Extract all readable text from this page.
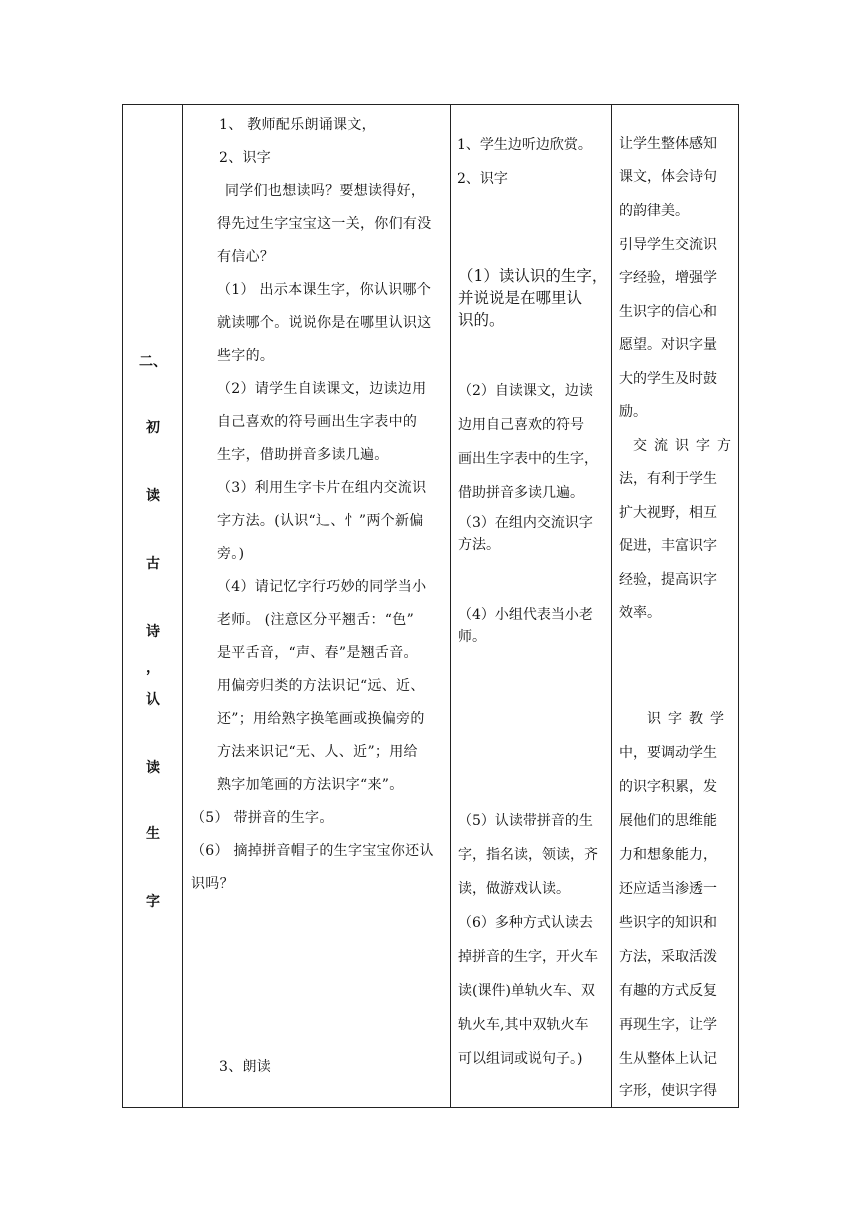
二、
初
读
古
诗
，
认
读
生
字
1、 教师配乐朗诵课文，
2、识字
同学们也想读吗？要想读得好，
得先过生字宝宝这一关，你们有没
有信心？
（1） 出示本课生字，你认识哪个
就读哪个。说说你是在哪里认识这
些字的。
（2）请学生自读课文，边读边用
自己喜欢的符号画出生字表中的
生字，借助拼音多读几遍。
（3）利用生字卡片在组内交流识
字方法。(认识“辶、忄”两个新偏
旁。)
（4）请记忆字行巧妙的同学当小
老师。 (注意区分平翘舌：“色”
是平舌音，“声、春”是翘舌音。
用偏旁归类的方法识记“远、近、
还”；用给熟字换笔画或换偏旁的
方法来识记“无、人、近”；用给
熟字加笔画的方法识字“来”。
（5） 带拼音的生字。
（6） 摘掉拼音帽子的生字宝宝你还认
识吗？
3、朗读
1、学生边听边欣赏。
2、识字
（1）读认识的生字，
并说说是在哪里认
识的。
（2）自读课文，边读
边用自己喜欢的符号
画出生字表中的生字，
借助拼音多读几遍。
（3）在组内交流识字
方法。
（4）小组代表当小老
师。
（5）认读带拼音的生
字，指名读，领读，齐
读，做游戏认读。
（6）多种方式认读去
掉拼音的生字，开火车
读(课件)单轨火车、双
轨火车,其中双轨火车
可以组词或说句子。)
让学生整体感知
课文，体会诗句
的韵律美。
引导学生交流识
字经验，增强学
生识字的信心和
愿望。对识字量
大的学生及时鼓
励。
交流识字方
法，有利于学生
扩大视野，相互
促进，丰富识字
经验，提高识字
效率。
识字教学
中，要调动学生
的识字积累，发
展他们的思维能
力和想象能力，
还应适当渗透一
些识字的知识和
方法，采取活泼
有趣的方式反复
再现生字，让学
生从整体上认记
字形，使识字得
